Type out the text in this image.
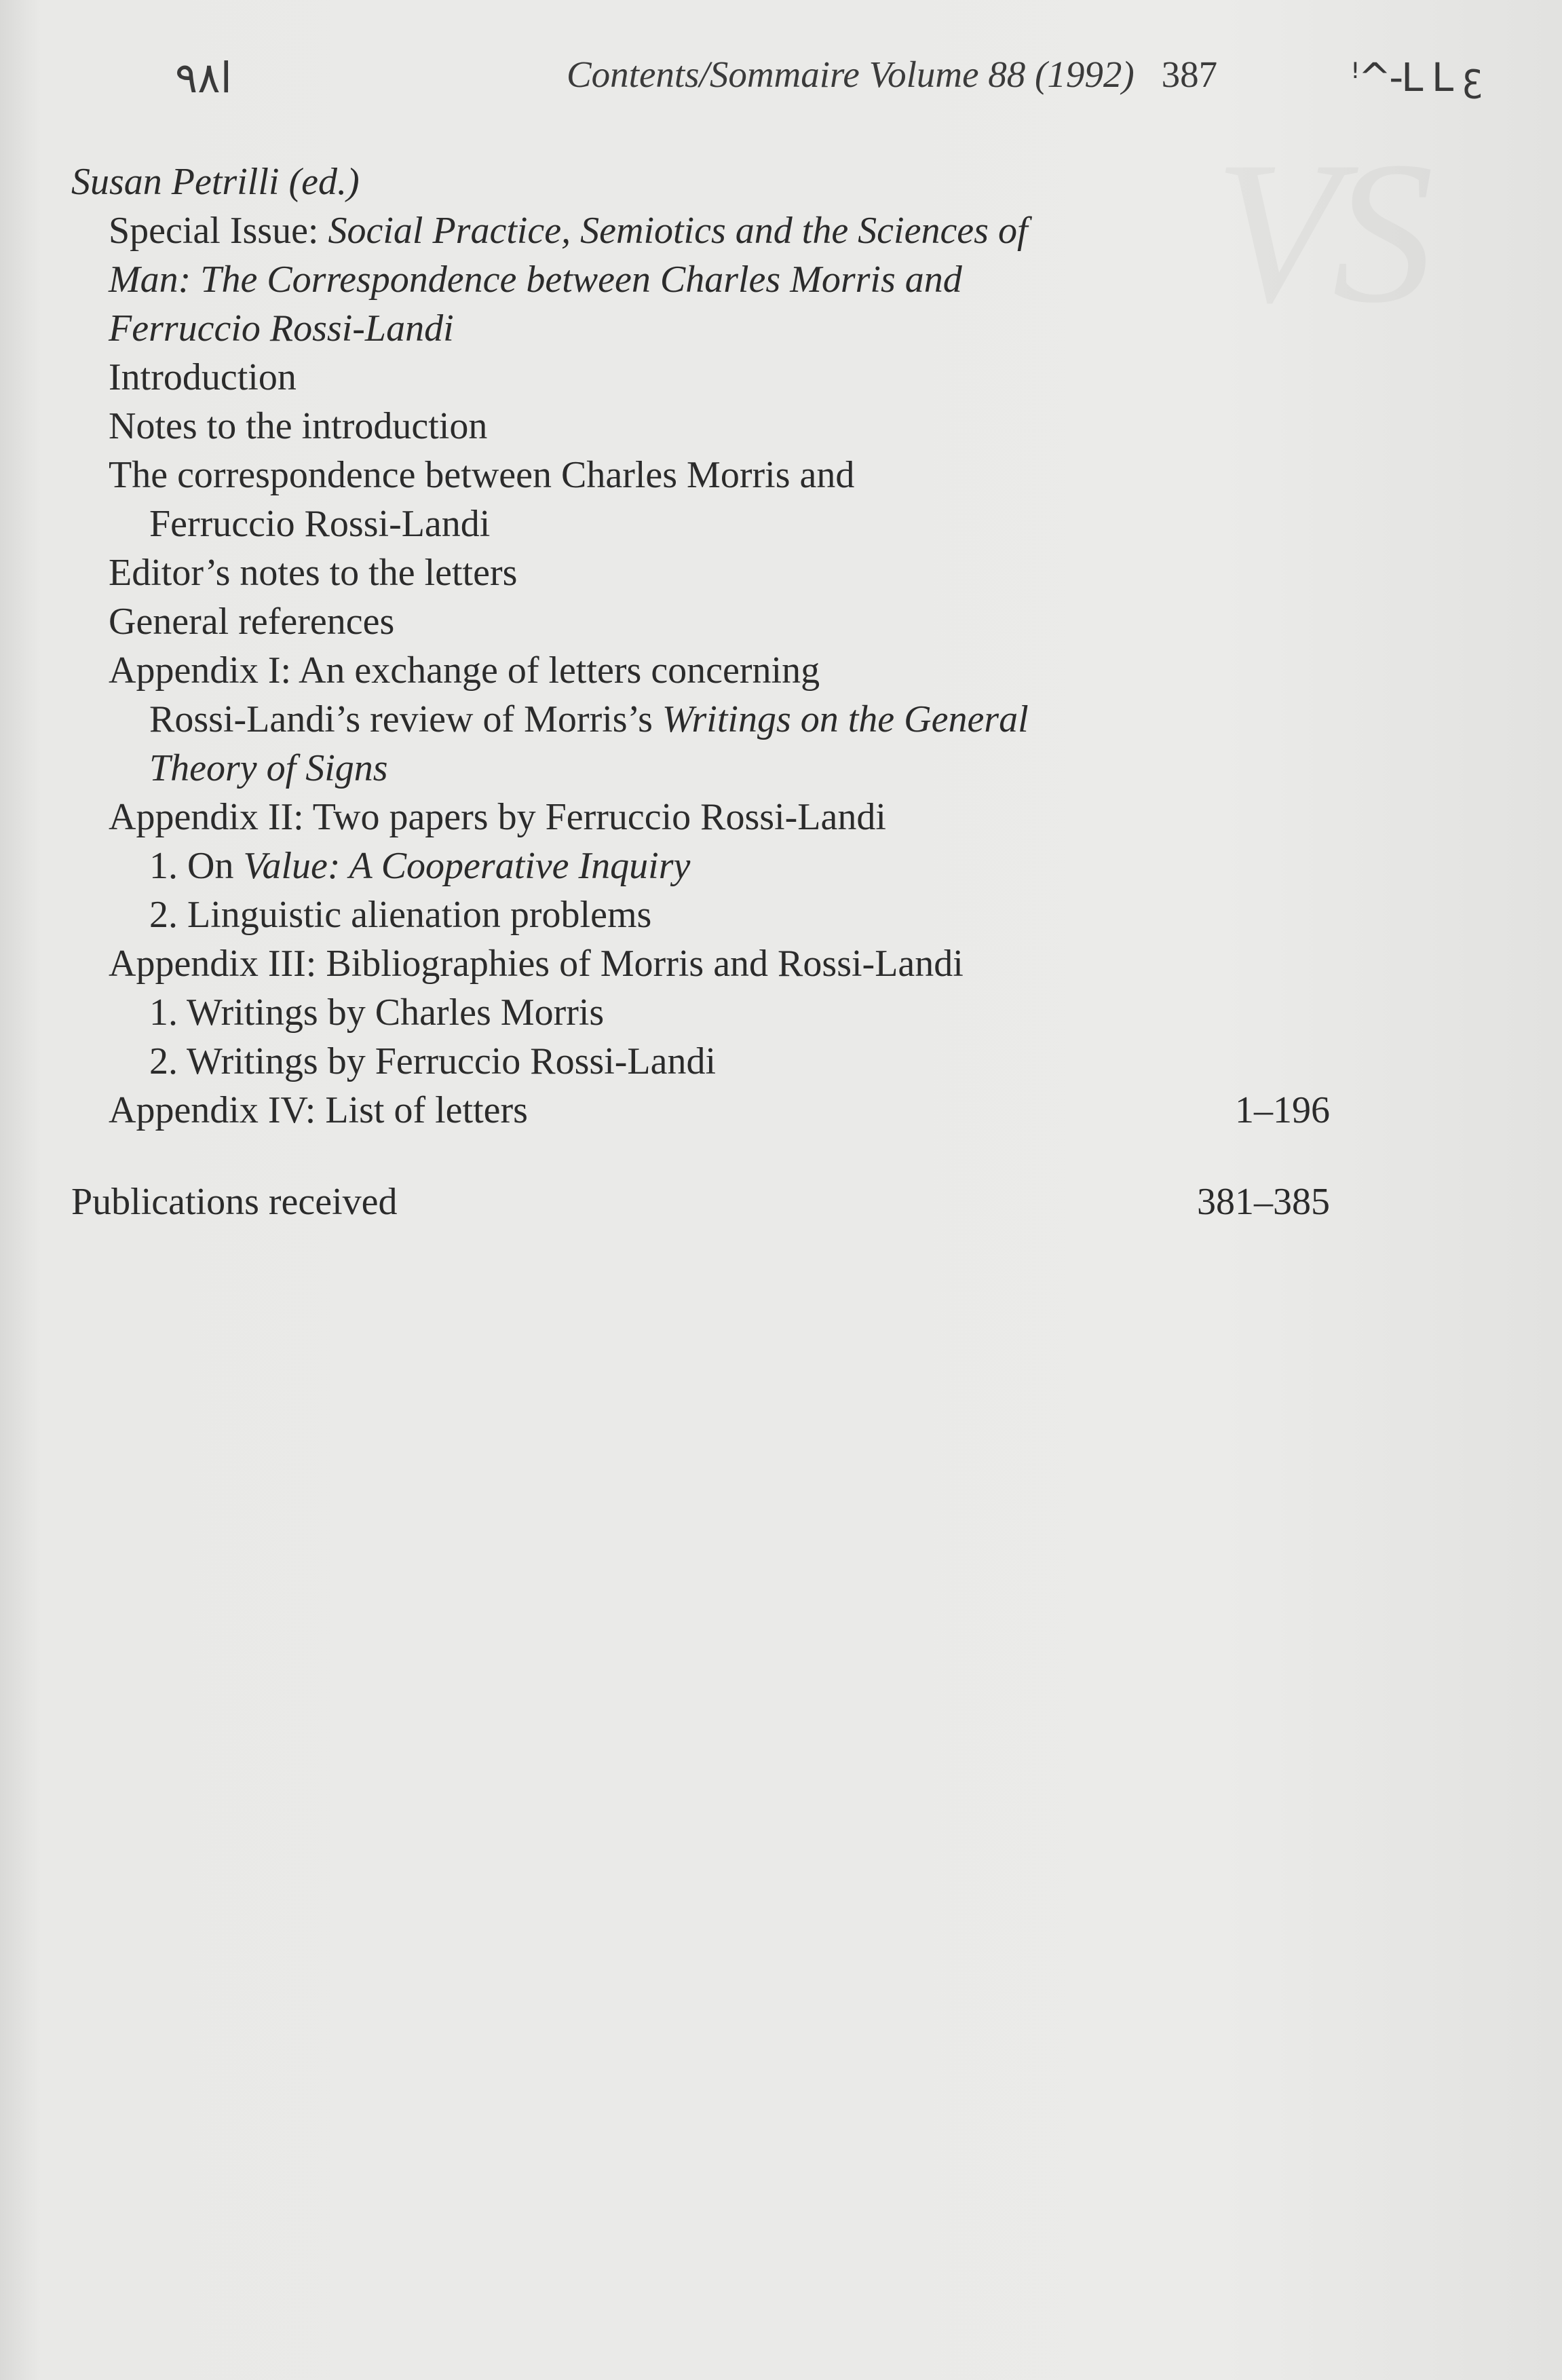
ا٩٨	Contents/Sommaire Volume 88 (1992) 387	ꜝ^-ᒪ L ꜫ
Susan Petrilli (ed.)
Special Issue: Social Practice, Semiotics and the Sciences of
Man: The Correspondence between Charles Morris and
Ferruccio Rossi-Landi
Introduction
Notes to the introduction
The correspondence between Charles Morris and
Ferruccio Rossi-Landi
Editor’s notes to the letters
General references
Appendix I: An exchange of letters concerning
Rossi-Landi’s review of Morris’s Writings on the General
Theory of Signs
Appendix II: Two papers by Ferruccio Rossi-Landi
1. On Value: A Cooperative Inquiry
2. Linguistic alienation problems
Appendix III: Bibliographies of Morris and Rossi-Landi
1. Writings by Charles Morris
2. Writings by Ferruccio Rossi-Landi
Appendix IV: List of letters	1–196
Publications received	381–385
